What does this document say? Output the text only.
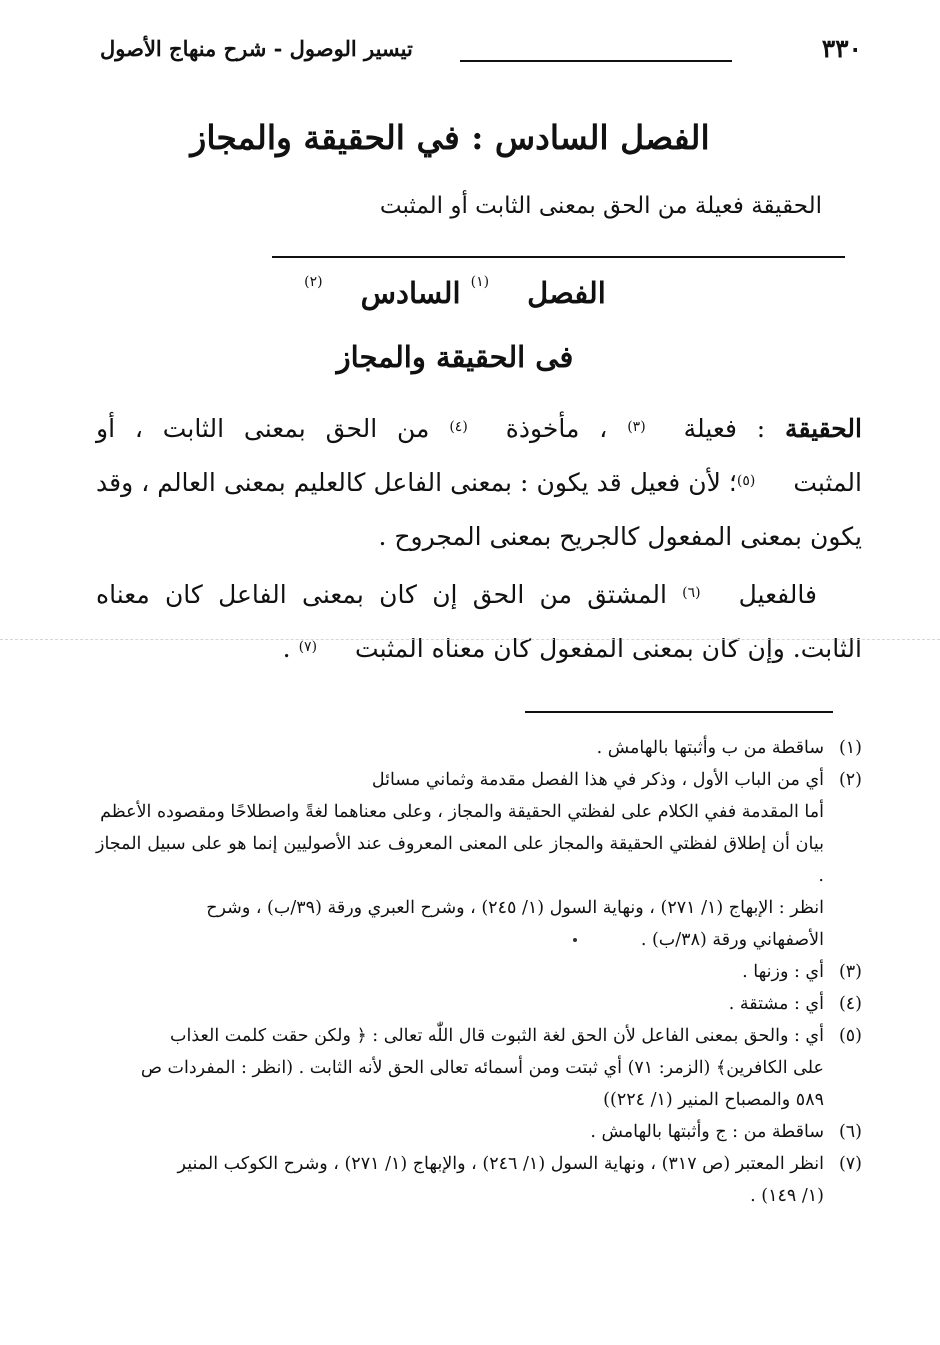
٣٣٠
تيسير الوصول - شرح منهاج الأصول
الفصل السادس : في الحقيقة والمجاز
الحقيقة فعيلة من الحق بمعنى الثابت أو المثبت
الفصل$^{(١)}$ السادس$^{(٢)}$
فى الحقيقة والمجاز

الحقيقة : فعيلة$^{(٣)}$ ، مأخوذة$^{(٤)}$ من الحق بمعنى الثابت ، أو المثبت$^{(٥)}$؛ لأن فعيل قد يكون : بمعنى الفاعل كالعليم بمعنى العالم ، وقد يكون بمعنى المفعول كالجريح بمعنى المجروح .

فالفعيل$^{(٦)}$ المشتق من الحق إن كان بمعنى الفاعل كان معناه الثابت. وإن كان بمعنى المفعول كان معناه المثبت$^{(٧)}$ .

(١)
ساقطة من ب وأثبتها بالهامش .
(٢)
أي من الباب الأول ، وذكر في هذا الفصل مقدمة وثماني مسائل
أما المقدمة ففي الكلام على لفظتي الحقيقة والمجاز ، وعلى معناهما لغةً واصطلاحًا ومقصوده الأعظم
بيان أن إطلاق لفظتي الحقيقة والمجاز على المعنى المعروف عند الأصوليين إنما هو على سبيل المجاز .
انظر : الإبهاج (١/ ٢٧١) ، ونهاية السول (١/ ٢٤٥) ، وشرح العبري ورقة (٣٩/ب) ، وشرح
الأصفهاني ورقة (٣٨/ب) .
(٣)
أي : وزنها .
(٤)
أي : مشتقة .
(٥)
أي : والحق بمعنى الفاعل لأن الحق لغة الثبوت قال اللّٰه تعالى : ﴿ ولكن حقت كلمت العذاب
على الكافرين﴾ (الزمر: ٧١) أي ثبتت ومن أسمائه تعالى الحق لأنه الثابت . (انظر : المفردات ص
٥٨٩ والمصباح المنير (١/ ٢٢٤))
(٦)
ساقطة من : ج وأثبتها بالهامش .
(٧)
انظر المعتبر (ص ٣١٧) ، ونهاية السول (١/ ٢٤٦) ، والإبهاج (١/ ٢٧١) ، وشرح الكوكب المنير
(١/ ١٤٩) .
